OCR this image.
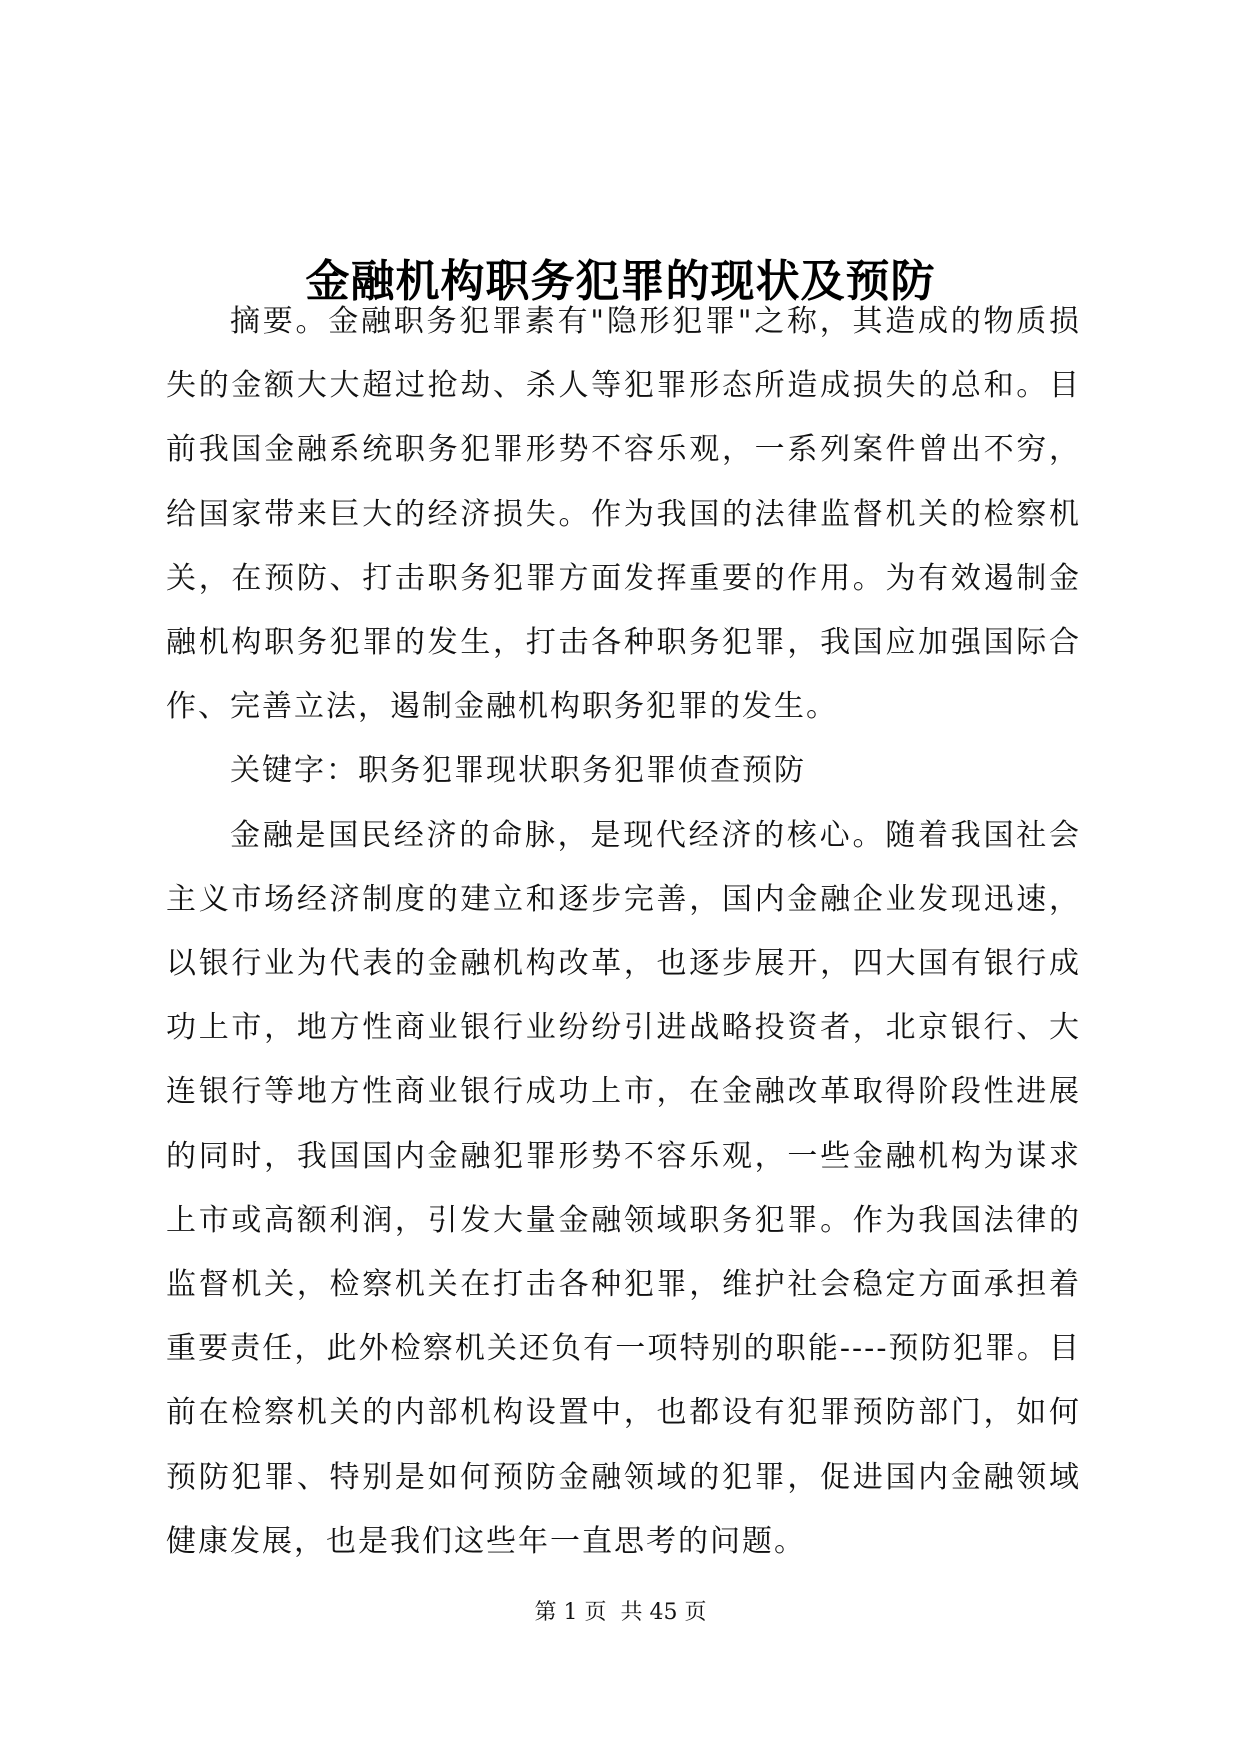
金融机构职务犯罪的现状及预防

摘要。金融职务犯罪素有"隐形犯罪"之称，其造成的物质损失的金额大大超过抢劫、杀人等犯罪形态所造成损失的总和。目前我国金融系统职务犯罪形势不容乐观，一系列案件曾出不穷，给国家带来巨大的经济损失。作为我国的法律监督机关的检察机关，在预防、打击职务犯罪方面发挥重要的作用。为有效遏制金融机构职务犯罪的发生，打击各种职务犯罪，我国应加强国际合作、完善立法，遏制金融机构职务犯罪的发生。

关键字：职务犯罪现状职务犯罪侦查预防

金融是国民经济的命脉，是现代经济的核心。随着我国社会主义市场经济制度的建立和逐步完善，国内金融企业发现迅速，以银行业为代表的金融机构改革，也逐步展开，四大国有银行成功上市，地方性商业银行业纷纷引进战略投资者，北京银行、大连银行等地方性商业银行成功上市，在金融改革取得阶段性进展的同时，我国国内金融犯罪形势不容乐观，一些金融机构为谋求上市或高额利润，引发大量金融领域职务犯罪。作为我国法律的监督机关，检察机关在打击各种犯罪，维护社会稳定方面承担着重要责任，此外检察机关还负有一项特别的职能----预防犯罪。目前在检察机关的内部机构设置中，也都设有犯罪预防部门，如何预防犯罪、特别是如何预防金融领域的犯罪，促进国内金融领域健康发展，也是我们这些年一直思考的问题。

第 1 页 共 45 页
